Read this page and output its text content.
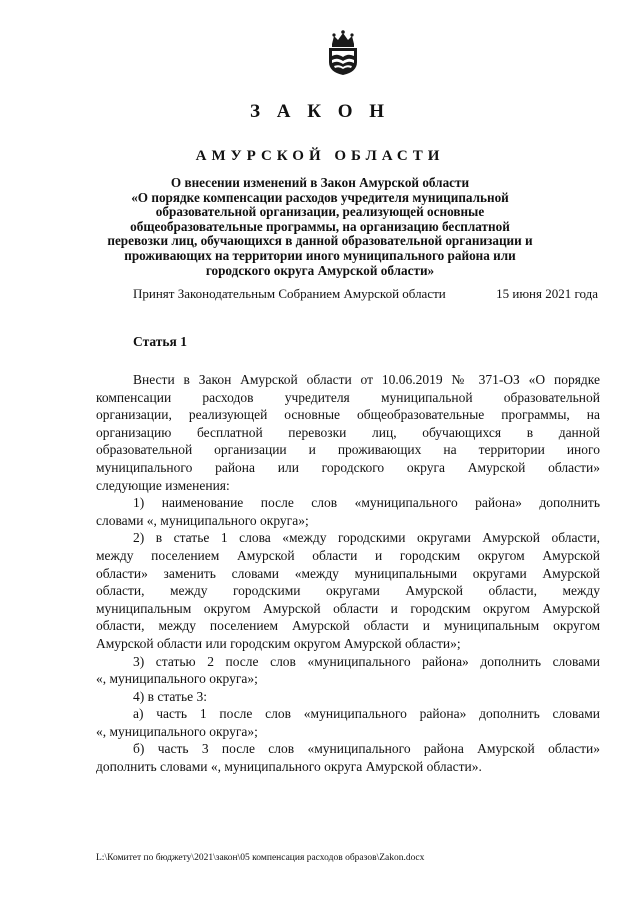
З А К О Н
АМУРСКОЙ ОБЛАСТИ
О внесении изменений в Закон Амурской области
«О порядке компенсации расходов учредителя муниципальной
образовательной организации, реализующей основные
общеобразовательные программы, на организацию бесплатной
перевозки лиц, обучающихся в данной образовательной организации и
проживающих на территории иного муниципального района или
городского округа Амурской области»
Принят Законодательным Собранием Амурской области	15 июня 2021 года
Статья 1
Внести в Закон Амурской области от 10.06.2019 № 371-ОЗ «О порядке
компенсации расходов учредителя муниципальной образовательной
организации, реализующей основные общеобразовательные программы, на
организацию бесплатной перевозки лиц, обучающихся в данной
образовательной организации и проживающих на территории иного
муниципального района или городского округа Амурской области»
следующие изменения:
1) наименование после слов «муниципального района» дополнить
словами «, муниципального округа»;
2) в статье 1 слова «между городскими округами Амурской области,
между поселением Амурской области и городским округом Амурской
области» заменить словами «между муниципальными округами Амурской
области, между городскими округами Амурской области, между
муниципальным округом Амурской области и городским округом Амурской
области, между поселением Амурской области и муниципальным округом
Амурской области или городским округом Амурской области»;
3) статью 2 после слов «муниципального района» дополнить словами
«, муниципального округа»;
4) в статье 3:
а) часть 1 после слов «муниципального района» дополнить словами
«, муниципального округа»;
б) часть 3 после слов «муниципального района Амурской области»
дополнить словами «, муниципального округа Амурской области».
L:\Комитет по бюджету\2021\закон\05 компенсация расходов образов\Zakon.docx
